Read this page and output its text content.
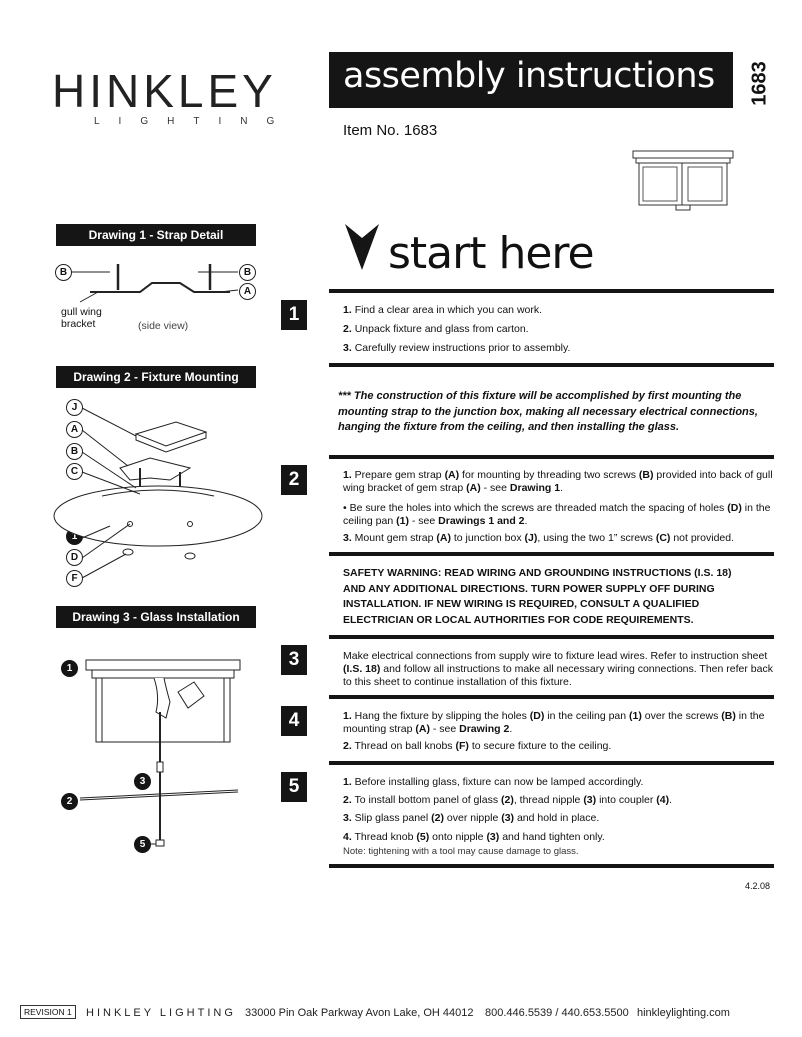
HINKLEY
LIGHTING
assembly instructions 1683
Item No. 1683
Drawing 1 - Strap Detail
B	B
A
gull wing
bracket	(side view)
Drawing 2 - Fixture Mounting
J
A
B
C
1
D
F
Drawing 3 - Glass Installation
1
3
2
5
start here
1	1. Find a clear area in which you can work.
2. Unpack fixture and glass from carton.
3. Carefully review instructions prior to assembly.
*** The construction of this fixture will be accomplished by first mounting the
mounting strap to the junction box, making all necessary electrical connections,
hanging the fixture from the ceiling, and then installing the glass.
2	1. Prepare gem strap (A) for mounting by threading two screws (B) provided into back of gull wing bracket of gem strap (A) - see Drawing 1.
• Be sure the holes into which the screws are threaded match the spacing of holes (D) in the ceiling pan (1) - see Drawings 1 and 2.
3. Mount gem strap (A) to junction box (J), using the two 1” screws (C) not provided.
SAFETY WARNING: READ WIRING AND GROUNDING INSTRUCTIONS (I.S. 18)
AND ANY ADDITIONAL DIRECTIONS. TURN POWER SUPPLY OFF DURING
INSTALLATION. IF NEW WIRING IS REQUIRED, CONSULT A QUALIFIED
ELECTRICIAN OR LOCAL AUTHORITIES FOR CODE REQUIREMENTS.
3	Make electrical connections from supply wire to fixture lead wires. Refer to instruction sheet (I.S. 18) and follow all instructions to make all necessary wiring connections. Then refer back to this sheet to continue installation of this fixture.
4	1. Hang the fixture by slipping the holes (D) in the ceiling pan (1) over the screws (B) in the mounting strap (A) - see Drawing 2.
2. Thread on ball knobs (F) to secure fixture to the ceiling.
5	1. Before installing glass, fixture can now be lamped accordingly.
2. To install bottom panel of glass (2), thread nipple (3) into coupler (4).
3. Slip glass panel (2) over nipple (3) and hold in place.
4. Thread knob (5) onto nipple (3) and hand tighten only.
Note: tightening with a tool may cause damage to glass.
4.2.08
REVISION 1	HINKLEY LIGHTING 33000 Pin Oak Parkway Avon Lake, OH 44012 800.446.5539 / 440.653.5500 hinkleylighting.com
